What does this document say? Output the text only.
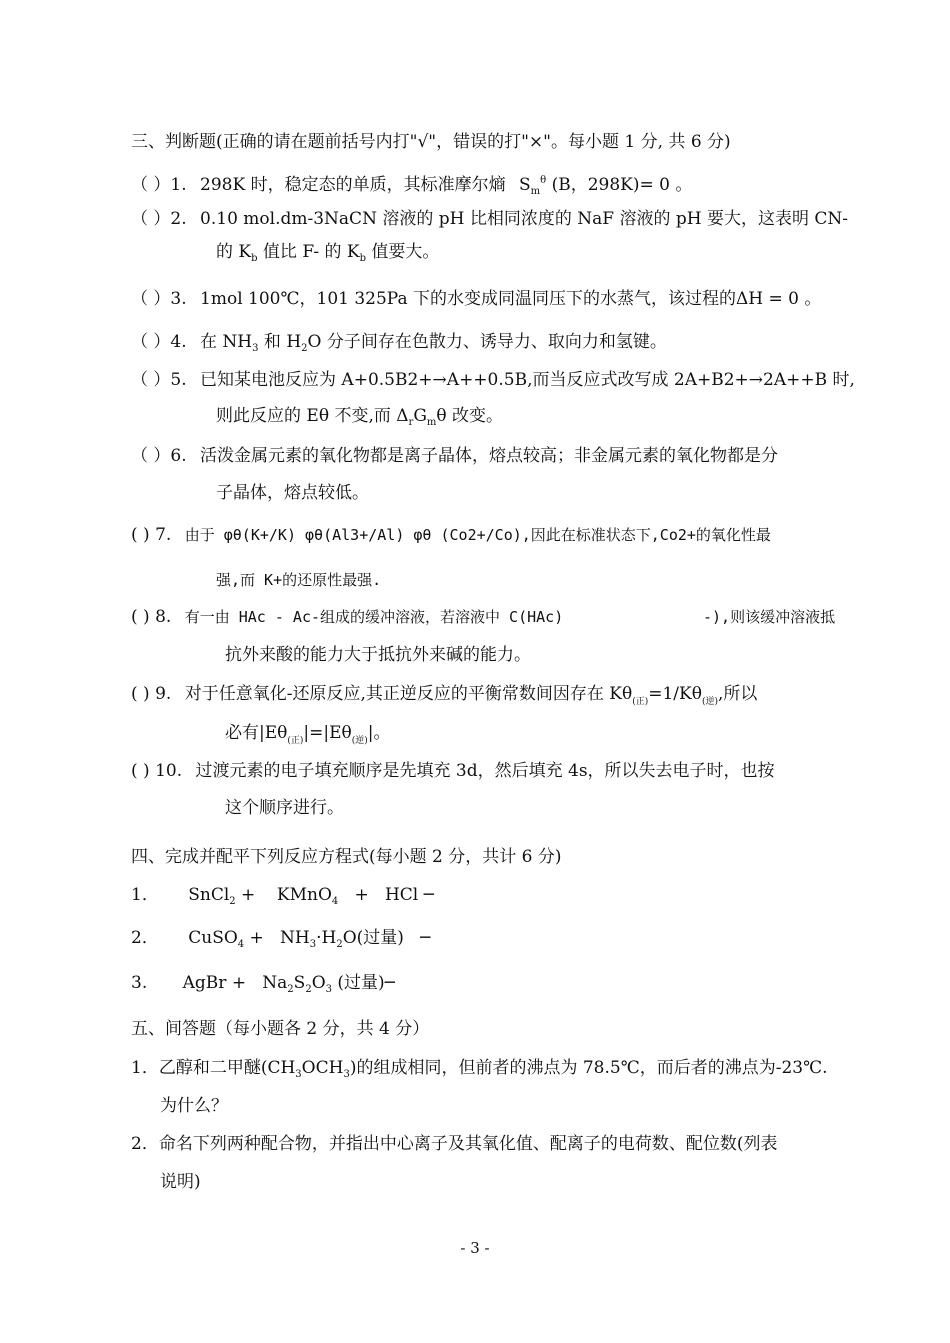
三、判断题(正确的请在题前括号内打"√"，错误的打"×"。每小题 1 分, 共 6 分)
（ ）1. 298K 时，稳定态的单质，其标准摩尔熵 $S_m^\theta$ (B，298K)= 0 。
（ ）2. 0.10 mol.dm-3NaCN 溶液的 pH 比相同浓度的 NaF 溶液的 pH 要大，这表明 CN-
的 $K_b$ 值比 F- 的 $K_b$ 值要大。
（ ）3. 1mol 100℃，101 325Pa 下的水变成同温同压下的水蒸气，该过程的ΔH = 0 。
（ ）4. 在 $NH_3$ 和 $H_2O$ 分子间存在色散力、诱导力、取向力和氢键。
（ ）5. 已知某电池反应为 A+0.5B2+→A++0.5B,而当反应式改写成 2A+B2+→2A++B 时,
则此反应的 Eθ 不变,而 $\Delta_rG_m\theta$ 改变。
（ ）6. 活泼金属元素的氧化物都是离子晶体，熔点较高；非金属元素的氧化物都是分
子晶体，熔点较低。
( ) 7. 由于 φθ(K+/K) φθ(Al3+/Al) φθ (Co2+/Co),因此在标准状态下,Co2+的氧化性最
强,而 K+的还原性最强.
( ) 8. 有一由 HAc - Ac-组成的缓冲溶液，若溶液中 C(HAc)	-),则该缓冲溶液抵
抗外来酸的能力大于抵抗外来碱的能力。
( ) 9. 对于任意氧化-还原反应,其正逆反应的平衡常数间因存在 $K\theta_{(正)}=1/K\theta_{(逆)}$,所以
必有$|E\theta_{(正)}|=|E\theta_{(逆)}|$。
( ) 10. 过渡元素的电子填充顺序是先填充 3d，然后填充 4s，所以失去电子时，也按
这个顺序进行。
四、完成并配平下列反应方程式(每小题 2 分，共计 6 分)
1． SnCl$_2$ +    KMnO$_4$   +   HCl ─
2． CuSO$_4$ +   $NH_3\cdot H_2O$(过量)   ─
3. AgBr +   $Na_2S_2O_3$ (过量)─
五、间答题（每小题各 2 分，共 4 分）
1．乙醇和二甲醚$(CH_3OCH_3)$的组成相同，但前者的沸点为 78.5℃，而后者的沸点为-23℃.
为什么？
2．命名下列两种配合物，并指出中心离子及其氧化值、配离子的电荷数、配位数(列表
说明)
- 3 -
